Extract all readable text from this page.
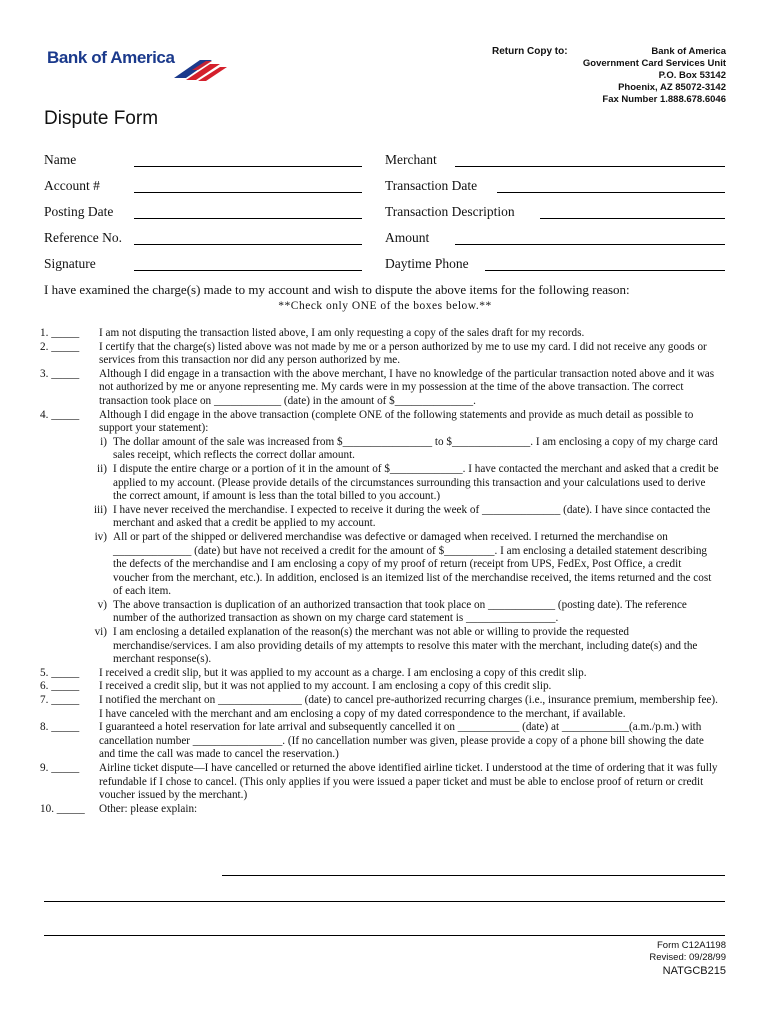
Bank of America	Return Copy to:	Bank of America
Government Card Services Unit
P.O. Box 53142
Phoenix, AZ 85072-3142
Fax Number 1.888.678.6046
Dispute Form
Name
Account #
Posting Date
Reference No.
Signature
Merchant
Transaction Date
Transaction Description
Amount
Daytime Phone
I have examined the charge(s) made to my account and wish to dispute the above items for the following reason:
**Check only ONE of the boxes below.**
1. _____ I am not disputing the transaction listed above, I am only requesting a copy of the sales draft for my records.
2. _____ I certify that the charge(s) listed above was not made by me or a person authorized by me to use my card. I did not receive any goods or services from this transaction nor did any person authorized by me.
3. _____ Although I did engage in a transaction with the above merchant, I have no knowledge of the particular transaction noted above and it was not authorized by me or anyone representing me. My cards were in my possession at the time of the above transaction. The correct transaction took place on ____________ (date) in the amount of $______________.
4. _____ Although I did engage in the above transaction (complete ONE of the following statements and provide as much detail as possible to support your statement):
i) The dollar amount of the sale was increased from $________________ to $______________. I am enclosing a copy of my charge card sales receipt, which reflects the correct dollar amount.
ii) I dispute the entire charge or a portion of it in the amount of $_____________. I have contacted the merchant and asked that a credit be applied to my account. (Please provide details of the circumstances surrounding this transaction and your calculations used to derive the correct amount, if amount is less than the total billed to you account.)
iii) I have never received the merchandise. I expected to receive it during the week of ______________ (date). I have since contacted the merchant and asked that a credit be applied to my account.
iv) All or part of the shipped or delivered merchandise was defective or damaged when received. I returned the merchandise on ______________ (date) but have not received a credit for the amount of $_________. I am enclosing a detailed statement describing the defects of the merchandise and I am enclosing a copy of my proof of return (receipt from UPS, FedEx, Post Office, a credit voucher from the merchant, etc.). In addition, enclosed is an itemized list of the merchandise received, the items returned and the cost of each item.
v) The above transaction is duplication of an authorized transaction that took place on ____________ (posting date). The reference number of the authorized transaction as shown on my charge card statement is ________________.
vi) I am enclosing a detailed explanation of the reason(s) the merchant was not able or willing to provide the requested merchandise/services. I am also providing details of my attempts to resolve this mater with the merchant, including date(s) and the merchant response(s).
5. _____ I received a credit slip, but it was applied to my account as a charge. I am enclosing a copy of this credit slip.
6. _____ I received a credit slip, but it was not applied to my account. I am enclosing a copy of this credit slip.
7. _____ I notified the merchant on _______________ (date) to cancel pre-authorized recurring charges (i.e., insurance premium, membership fee). I have canceled with the merchant and am enclosing a copy of my dated correspondence to the merchant, if available.
8. _____ I guaranteed a hotel reservation for late arrival and subsequently cancelled it on ___________ (date) at ____________(a.m./p.m.) with cancellation number ________________. (If no cancellation number was given, please provide a copy of a phone bill showing the date and time the call was made to cancel the reservation.)
9. _____ Airline ticket dispute—I have cancelled or returned the above identified airline ticket. I understood at the time of ordering that it was fully refundable if I chose to cancel. (This only applies if you were issued a paper ticket and must be able to enclose proof of return or credit voucher issued by the merchant.)
10. _____ Other: please explain:
Form C12A1198
Revised: 09/28/99
NATGCB215
